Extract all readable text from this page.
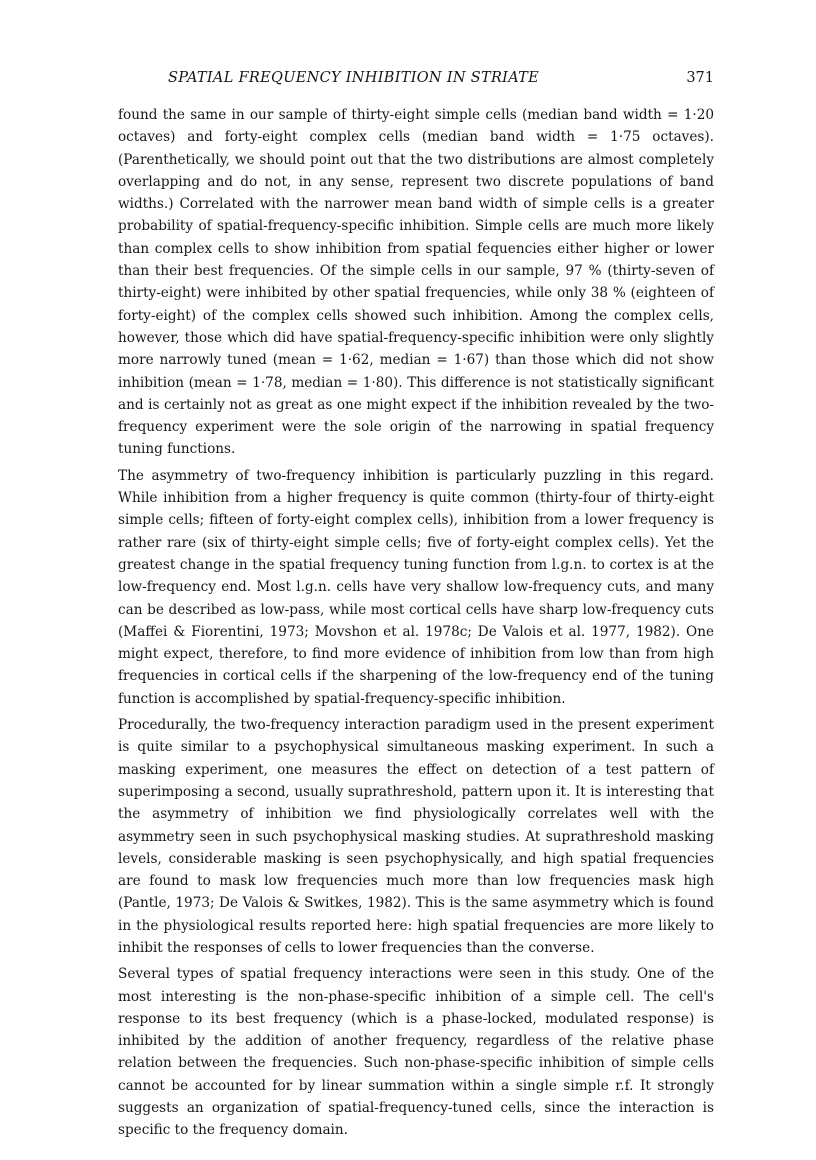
SPATIAL FREQUENCY INHIBITION IN STRIATE	371

found the same in our sample of thirty-eight simple cells (median band width = 1·20 octaves) and forty-eight complex cells (median band width = 1·75 octaves). (Parenthetically, we should point out that the two distributions are almost completely overlapping and do not, in any sense, represent two discrete populations of band widths.) Correlated with the narrower mean band width of simple cells is a greater probability of spatial-frequency-specific inhibition. Simple cells are much more likely than complex cells to show inhibition from spatial fequencies either higher or lower than their best frequencies. Of the simple cells in our sample, 97 % (thirty-seven of thirty-eight) were inhibited by other spatial frequencies, while only 38 % (eighteen of forty-eight) of the complex cells showed such inhibition. Among the complex cells, however, those which did have spatial-frequency-specific inhibition were only slightly more narrowly tuned (mean = 1·62, median = 1·67) than those which did not show inhibition (mean = 1·78, median = 1·80). This difference is not statistically significant and is certainly not as great as one might expect if the inhibition revealed by the two-frequency experiment were the sole origin of the narrowing in spatial frequency tuning functions.

The asymmetry of two-frequency inhibition is particularly puzzling in this regard. While inhibition from a higher frequency is quite common (thirty-four of thirty-eight simple cells; fifteen of forty-eight complex cells), inhibition from a lower frequency is rather rare (six of thirty-eight simple cells; five of forty-eight complex cells). Yet the greatest change in the spatial frequency tuning function from l.g.n. to cortex is at the low-frequency end. Most l.g.n. cells have very shallow low-frequency cuts, and many can be described as low-pass, while most cortical cells have sharp low-frequency cuts (Maffei & Fiorentini, 1973; Movshon et al. 1978c; De Valois et al. 1977, 1982). One might expect, therefore, to find more evidence of inhibition from low than from high frequencies in cortical cells if the sharpening of the low-frequency end of the tuning function is accomplished by spatial-frequency-specific inhibition.

Procedurally, the two-frequency interaction paradigm used in the present experiment is quite similar to a psychophysical simultaneous masking experiment. In such a masking experiment, one measures the effect on detection of a test pattern of superimposing a second, usually suprathreshold, pattern upon it. It is interesting that the asymmetry of inhibition we find physiologically correlates well with the asymmetry seen in such psychophysical masking studies. At suprathreshold masking levels, considerable masking is seen psychophysically, and high spatial frequencies are found to mask low frequencies much more than low frequencies mask high (Pantle, 1973; De Valois & Switkes, 1982). This is the same asymmetry which is found in the physiological results reported here: high spatial frequencies are more likely to inhibit the responses of cells to lower frequencies than the converse.

Several types of spatial frequency interactions were seen in this study. One of the most interesting is the non-phase-specific inhibition of a simple cell. The cell's response to its best frequency (which is a phase-locked, modulated response) is inhibited by the addition of another frequency, regardless of the relative phase relation between the frequencies. Such non-phase-specific inhibition of simple cells cannot be accounted for by linear summation within a single simple r.f. It strongly suggests an organization of spatial-frequency-tuned cells, since the interaction is specific to the frequency domain.
